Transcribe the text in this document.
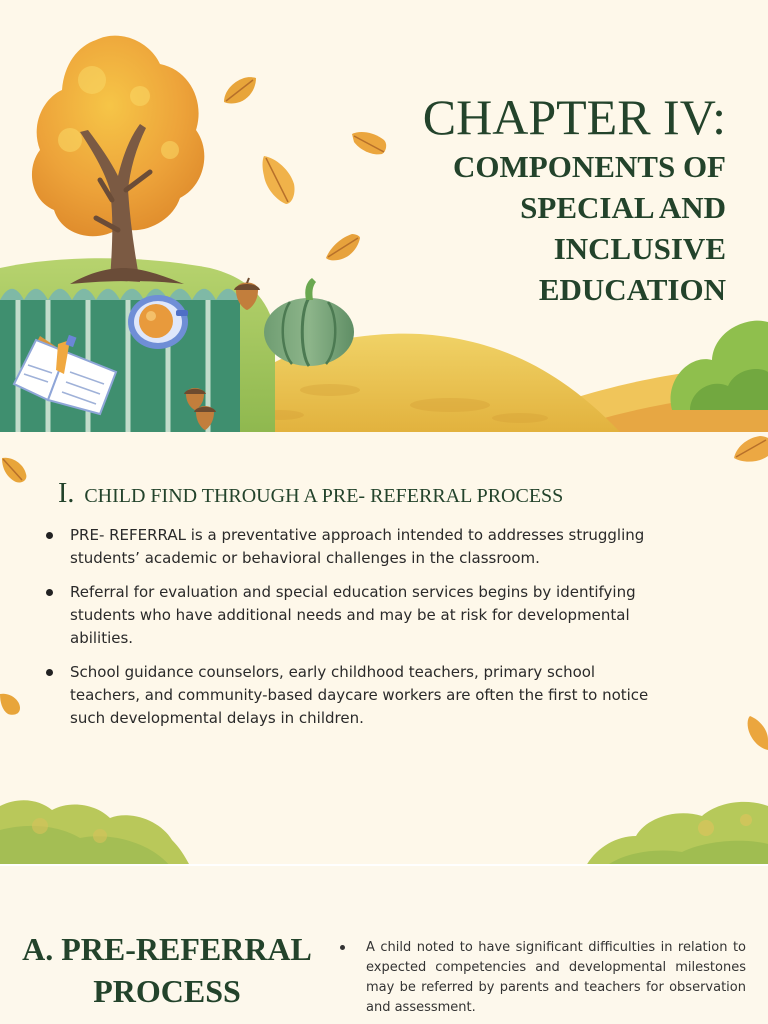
CHAPTER IV:
COMPONENTS OF
SPECIAL AND
INCLUSIVE
EDUCATION
I. CHILD FIND THROUGH A PRE- REFERRAL PROCESS
PRE- REFERRAL is a preventative approach intended to addresses struggling students’ academic or behavioral challenges in the classroom.
Referral for evaluation and special education services begins by identifying students who have additional needs and may be at risk for developmental abilities.
School guidance counselors, early childhood teachers, primary school teachers, and community-based daycare workers are often the first to notice such developmental delays in children.
A. PRE-REFERRAL
PROCESS

A child noted to have significant difficulties in relation to expected competencies and developmental milestones may be referred by parents and teachers for observation and assessment.
